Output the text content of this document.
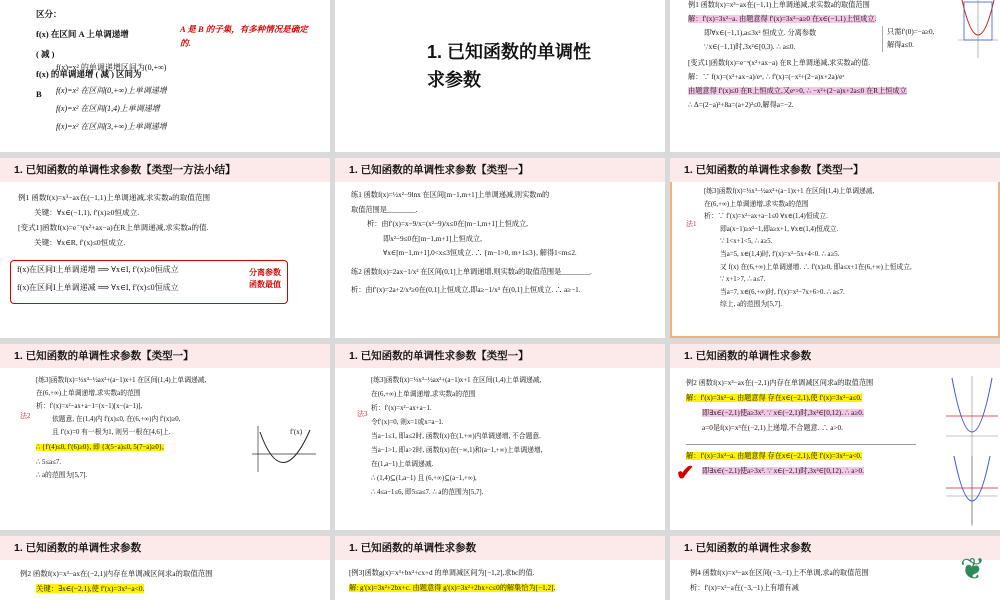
区分：
f(x) 在区间 A 上单调递增
( 减 )
f(x) 的单调递增 ( 减 ) 区间为
B
A 是 B 的子集，有多种情况是确定的.
f(x)=x² 的单调递增区间为(0,+∞)
f(x)=x² 在区间(0,+∞)上单调递增
f(x)=x² 在区间(1,4)上单调递增
f(x)=x² 在区间(3,+∞)上单调递增
1. 已知函数的单调性求参数
例1 函数f(x)=x³−ax在(−1,1)上单调递减,求实数a的取值范围
解：f′(x)=3x²−a. 由题意得 f′(x)=3x²−a≥0 在x∈(−1,1)上恒成立.
即∀x∈(−1,1),a≤3x² 恒成立. 分离参数
∵x∈(−1,1)时,3x²∈[0,3). ∴ a≤0.
[变式1]函数f(x)=e⁻ˣ(x²+ax−a) 在R上单调递减,求实数a的值.
解：∵ f(x)=(x²+ax−a)/eˣ, ∴ f′(x)=(−x²+(2−a)x+2a)/eˣ
由题意得 f′(x)≤0 在R上恒成立,又eˣ>0, ∴ −x²+(2−a)x+2a≤0 在R上恒成立
∴ Δ=(2−a)²+8a=(a+2)²≤0,解得a=−2.
只需f′(0)=−a≥0,
解得a≤0.
1. 已知函数的单调性求参数【类型一方法小结】
例1 函数f(x)=x³−ax在(−1,1)上单调递减,求实数a的取值范围
关键：∀x∈(−1,1), f′(x)≥0恒成立.
[变式1]函数f(x)=e⁻ˣ(x²+ax−a)在R上单调递减,求实数a的值.
关键：∀x∈R, f′(x)≤0恒成立.
f(x)在区间I上单调递增 ⟹ ∀x∈I, f′(x)≥0恒成立
f(x)在区间I上单调递减 ⟹ ∀x∈I, f′(x)≤0恒成立
分离参数
函数最值
1. 已知函数的单调性求参数【类型一】
练1 函数f(x)=½x²−9lnx 在区间[m−1,m+1]上单调递减,则实数m的
取值范围是________.
析：由f′(x)=x−9/x=(x²−9)/x≤0在[m−1,m+1]上恒成立,
即x²−9≤0在[m−1,m+1]上恒成立,
∀x∈[m−1,m+1],0<x≤3恒成立. ∴ {m−1>0, m+1≤3}, 解得1<m≤2.
练2 函数f(x)=2ax−1/x² 在区间(0,1]上单调递增,则实数a的取值范围是________.
析：由f′(x)=2a+2/x³≥0在(0,1]上恒成立,即a≥−1/x³ 在(0,1]上恒成立. ∴ a≥−1.
1. 已知函数的单调性求参数【类型一】
法1
[练3]函数f(x)=⅓x³−½ax²+(a−1)x+1 在区间(1,4)上单调递减,
在(6,+∞)上单调递增,求实数a的范围
析：∵ f′(x)=x²−ax+a−1≤0 ∀x∈(1,4)恒成立.
即a(x−1)≥x²−1,即a≥x+1, ∀x∈(1,4)恒成立.
∵ 1<x+1<5, ∴ a≥5.
当a=5, x∈(1,4)时, f′(x)=x²−5x+4<0. ∴ a≥5.
又 f(x) 在(6,+∞)上单调递增. ∴ f′(x)≥0, 即a≤x+1在(6,+∞)上恒成立,
∵ x+1>7, ∴ a≤7.
当a=7, x∈(6,+∞)时, f′(x)=x²−7x+6>0. ∴ a≤7.
综上, a的范围为[5,7].
1. 已知函数的单调性求参数【类型一】
法2
[练3]函数f(x)=⅓x³−½ax²+(a−1)x+1 在区间(1,4)上单调递减,
在(6,+∞)上单调递增,求实数a的范围
析：f′(x)=x²−ax+a−1=(x−1)[x−(a−1)],
依题意, 在(1,4)内 f′(x)≤0, 在(6,+∞)内 f′(x)≥0,
且 f′(x)=0 有一根为1, 则另一根在[4,6]上.
∴ {f′(4)≤0, f′(6)≥0}, 即 {3(5−a)≤0, 5(7−a)≥0},
∴ 5≤a≤7.
∴ a的范围为[5,7].
f′(x)
1. 已知函数的单调性求参数【类型一】
法3
[练3]函数f(x)=⅓x³−½ax²+(a−1)x+1 在区间(1,4)上单调递减,
在(6,+∞)上单调递增,求实数a的范围
析：f′(x)=x²−ax+a−1.
令f′(x)=0, 则x=1或x=a−1.
当a−1≤1, 即a≤2时, 函数f(x)在(1,+∞)内单调递增, 不合题意.
当a−1>1, 即a>2时, 函数f(x)在(−∞,1)和(a−1,+∞)上单调递增,
在(1,a−1)上单调递减.
∴ (1,4)⊆(1,a−1) 且 (6,+∞)⊆(a−1,+∞),
∴ 4≤a−1≤6, 即5≤a≤7. ∴ a的范围为[5,7].
1. 已知函数的单调性求参数
例2 函数f(x)=x³−ax在(−2,1)内存在单调减区间求a的取值范围
解：f′(x)=3x²−a. 由题意得 存在x∈(−2,1),使 f′(x)=3x²−a≤0.
即∃x∈(−2,1)使a≥3x². ∵ x∈(−2,1)时,3x²∈[0,12). ∴ a≥0.
a=0是f(x)=x³在(−2,1)上递增,不合题意. ∴ a>0.
解：f′(x)=3x²−a. 由题意得 存在x∈(−2,1),使 f′(x)=3x²−a<0.
即∃x∈(−2,1)使a>3x². ∵ x∈(−2,1)时,3x²∈[0,12). ∴ a>0.
✔
1. 已知函数的单调性求参数
例2 函数f(x)=x³−ax在(−2,1)内存在单调减区间求a的取值范围
关键：∃x∈(−2,1),使 f′(x)=3x²−a<0.
1. 已知函数的单调性求参数
[例3]函数g(x)=x³+bx²+cx+d 的单调减区间为[−1,2],求bc的值.
解: g′(x)=3x²+2bx+c. 由题意得 g′(x)=3x²+2bx+c≤0的解集恰为[−1,2].
1. 已知函数的单调性求参数
例4 函数f(x)=x³−ax在区间(−3,−1)上不单调,求a的取值范围
析：f′(x)=x²−a在(−3,−1)上有增有减
❦
